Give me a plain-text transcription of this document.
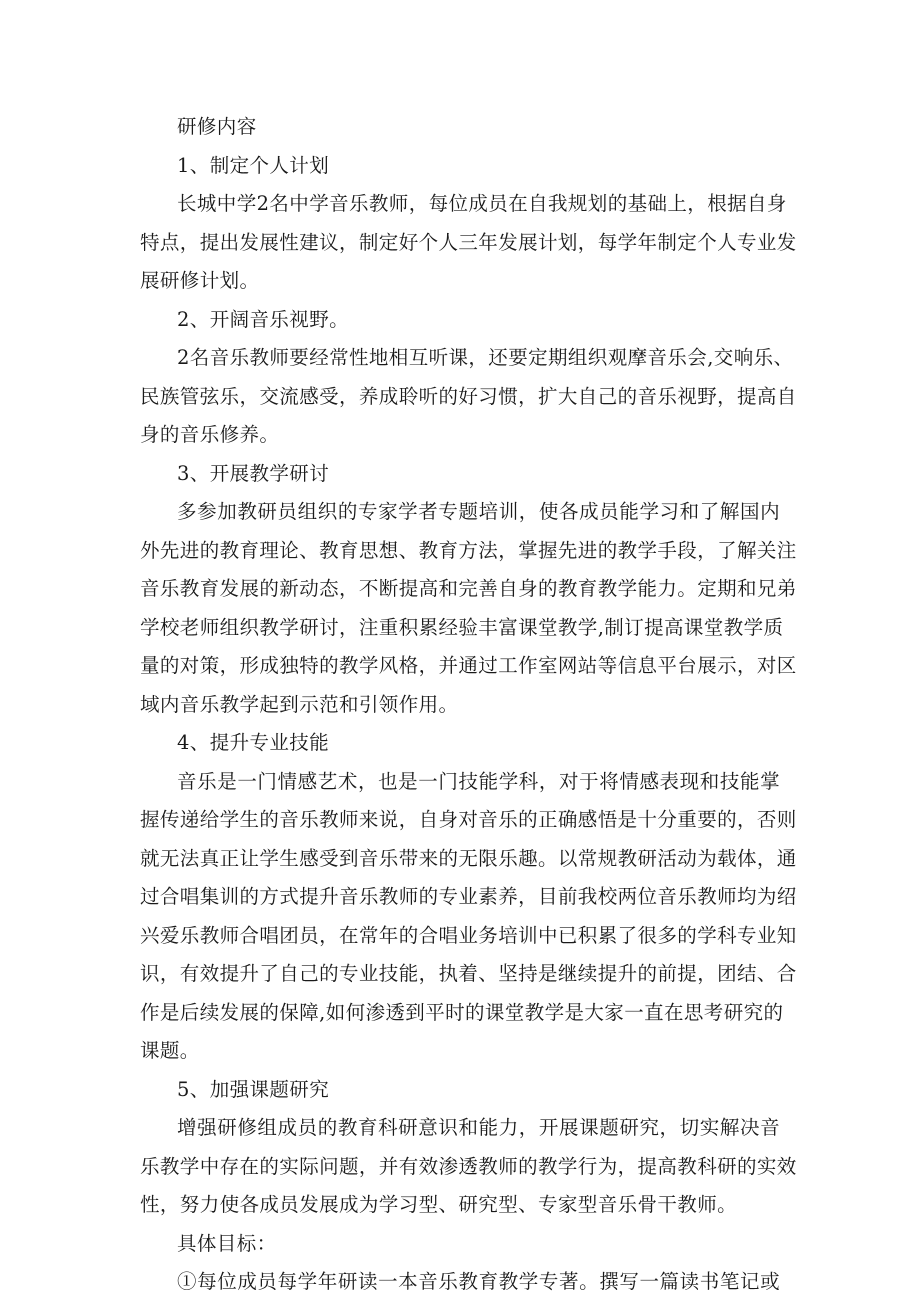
研修内容
1、制定个人计划
长城中学2名中学音乐教师，每位成员在自我规划的基础上，根据自身
特点，提出发展性建议，制定好个人三年发展计划，每学年制定个人专业发
展研修计划。
2、开阔音乐视野。
2名音乐教师要经常性地相互听课，还要定期组织观摩音乐会,交响乐、
民族管弦乐，交流感受，养成聆听的好习惯，扩大自己的音乐视野，提高自
身的音乐修养。
3、开展教学研讨
多参加教研员组织的专家学者专题培训，使各成员能学习和了解国内
外先进的教育理论、教育思想、教育方法，掌握先进的教学手段，了解关注
音乐教育发展的新动态，不断提高和完善自身的教育教学能力。定期和兄弟
学校老师组织教学研讨，注重积累经验丰富课堂教学,制订提高课堂教学质
量的对策，形成独特的教学风格，并通过工作室网站等信息平台展示，对区
域内音乐教学起到示范和引领作用。
4、提升专业技能
音乐是一门情感艺术，也是一门技能学科，对于将情感表现和技能掌
握传递给学生的音乐教师来说，自身对音乐的正确感悟是十分重要的，否则
就无法真正让学生感受到音乐带来的无限乐趣。以常规教研活动为载体，通
过合唱集训的方式提升音乐教师的专业素养，目前我校两位音乐教师均为绍
兴爱乐教师合唱团员，在常年的合唱业务培训中已积累了很多的学科专业知
识，有效提升了自己的专业技能，执着、坚持是继续提升的前提，团结、合
作是后续发展的保障,如何渗透到平时的课堂教学是大家一直在思考研究的
课题。
5、加强课题研究
增强研修组成员的教育科研意识和能力，开展课题研究，切实解决音
乐教学中存在的实际问题，并有效渗透教师的教学行为，提高教科研的实效
性，努力使各成员发展成为学习型、研究型、专家型音乐骨干教师。
具体目标：
①每位成员每学年研读一本音乐教育教学专著。撰写一篇读书笔记或
